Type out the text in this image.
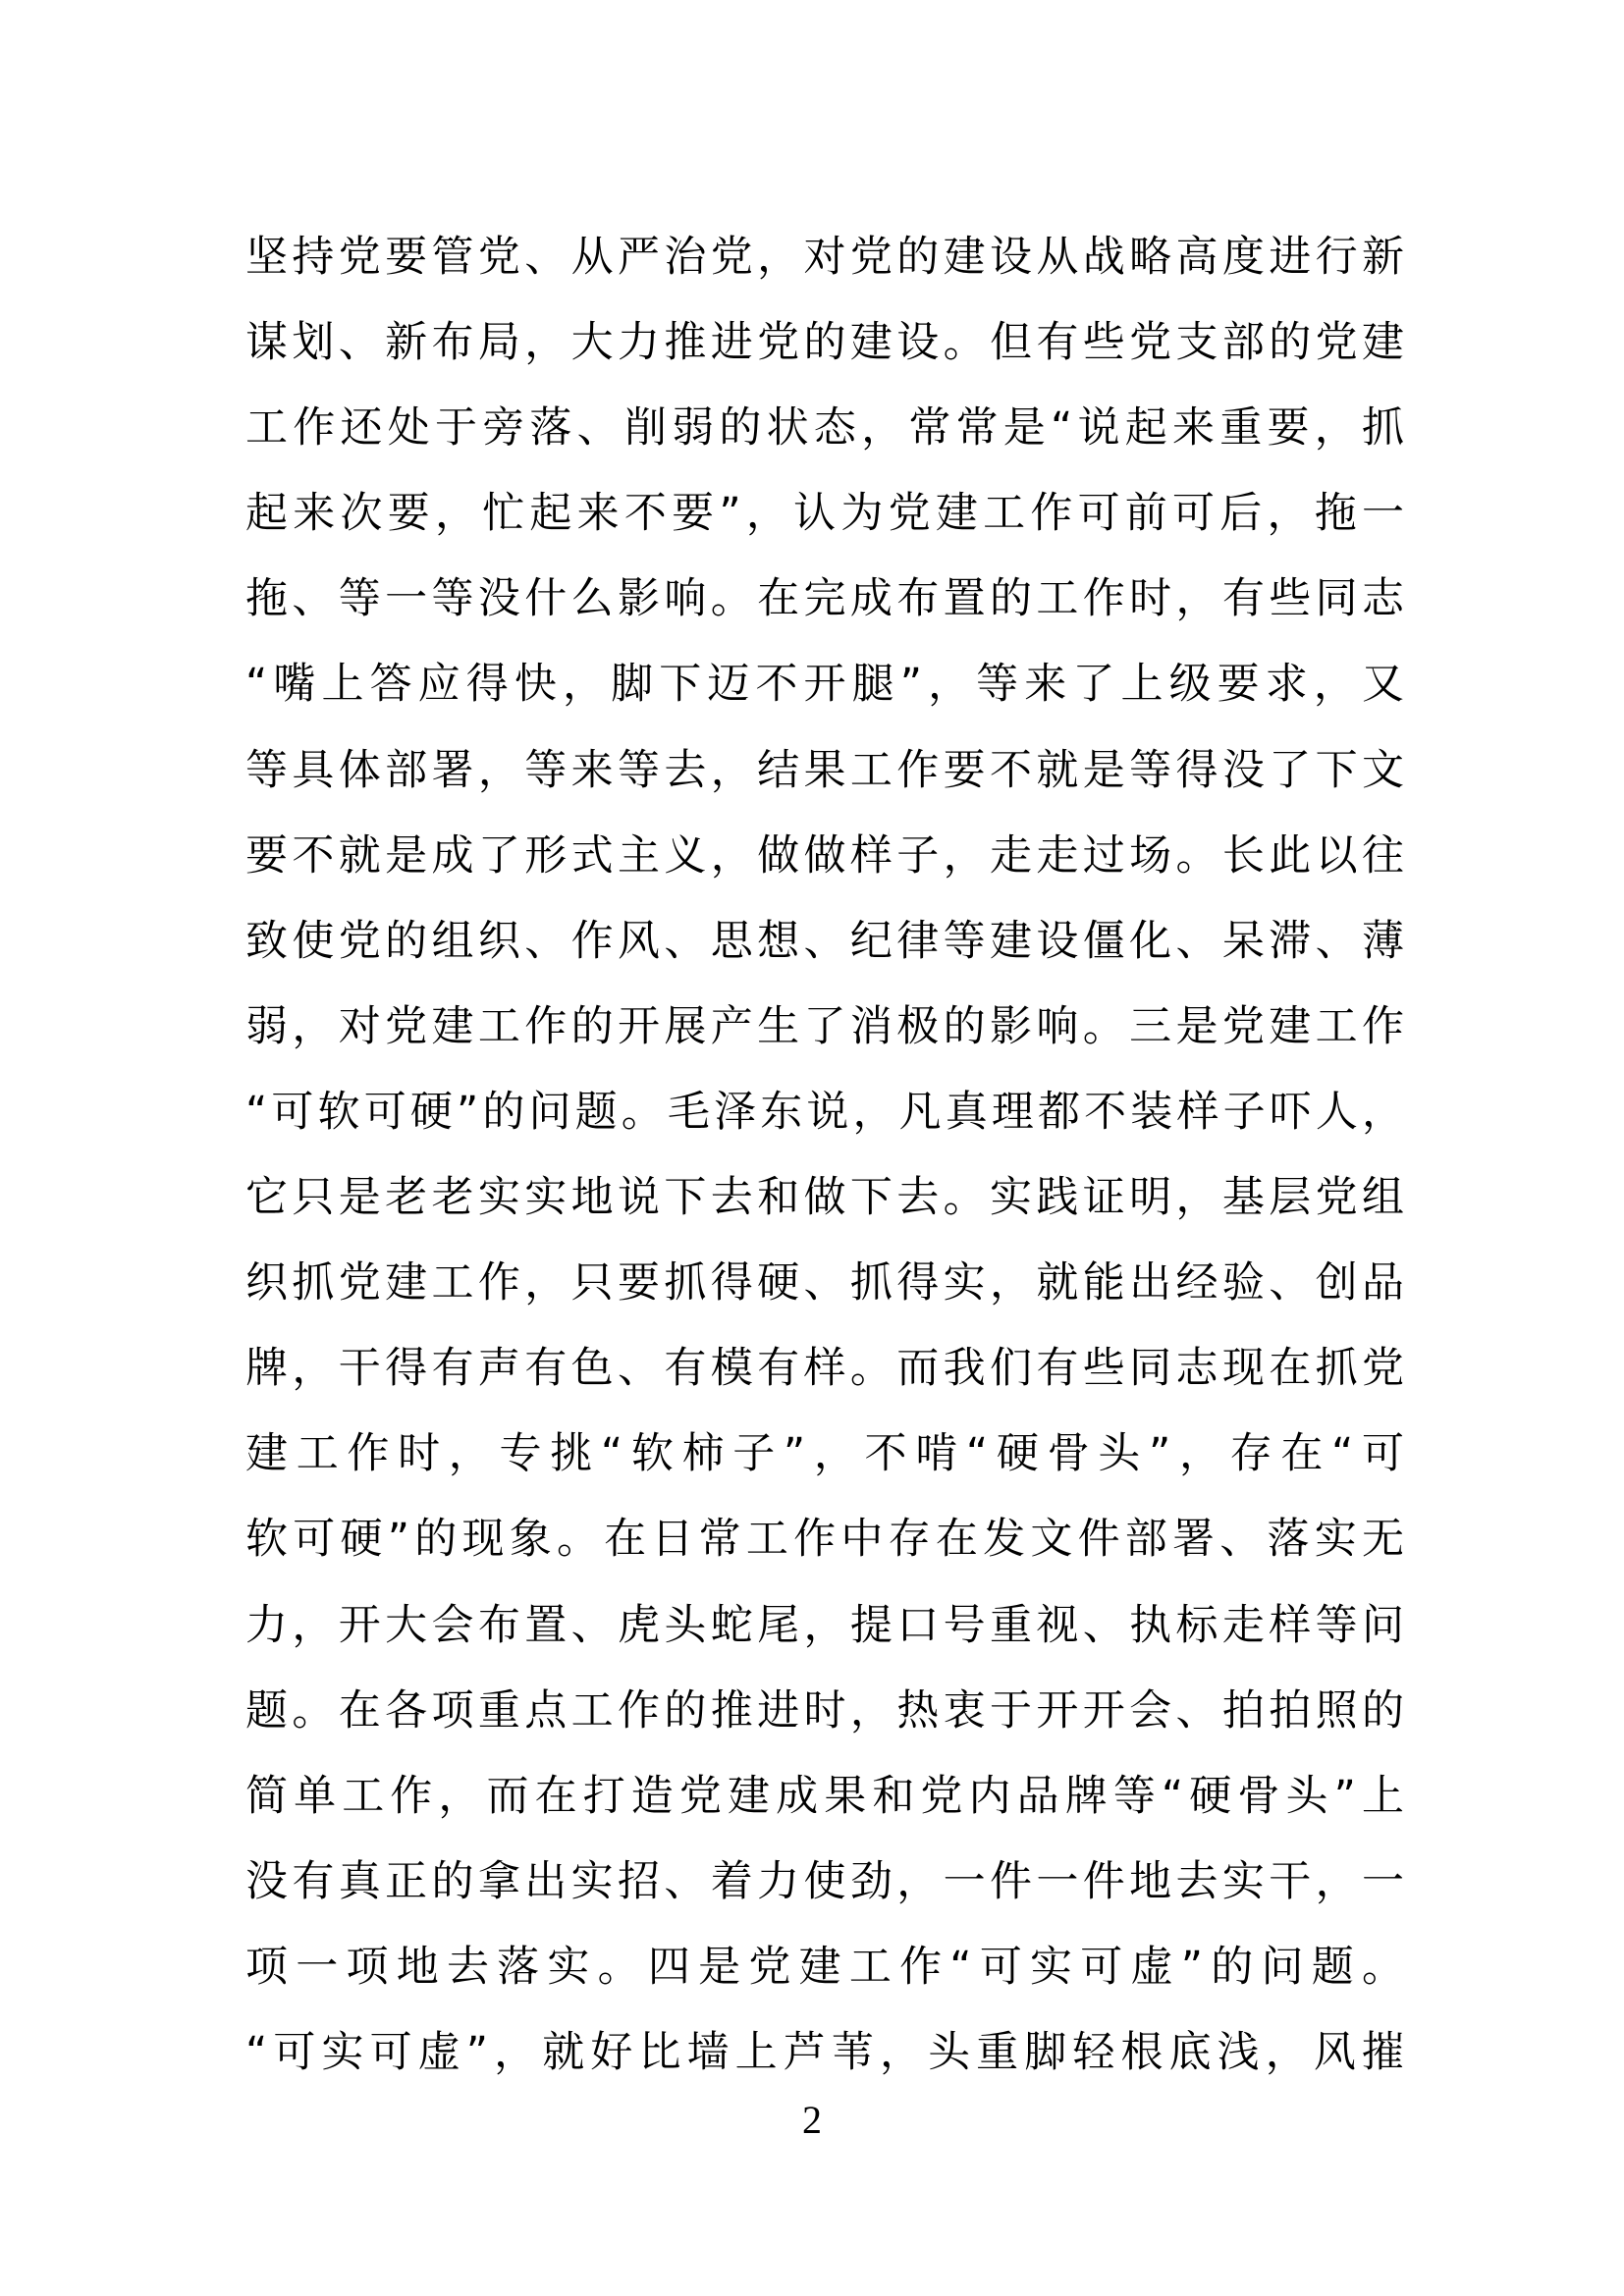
坚持党要管党、从严治党，对党的建设从战略高度进行新
谋划、新布局，大力推进党的建设。但有些党支部的党建
工作还处于旁落、削弱的状态，常常是“说起来重要，抓
起来次要，忙起来不要”，认为党建工作可前可后，拖一
拖、等一等没什么影响。在完成布置的工作时，有些同志
“嘴上答应得快，脚下迈不开腿”，等来了上级要求，又
等具体部署，等来等去，结果工作要不就是等得没了下文
要不就是成了形式主义，做做样子，走走过场。长此以往
致使党的组织、作风、思想、纪律等建设僵化、呆滞、薄
弱，对党建工作的开展产生了消极的影响。三是党建工作
“可软可硬”的问题。毛泽东说，凡真理都不装样子吓人，
它只是老老实实地说下去和做下去。实践证明，基层党组
织抓党建工作，只要抓得硬、抓得实，就能出经验、创品
牌，干得有声有色、有模有样。而我们有些同志现在抓党
建工作时，专挑“软柿子”，不啃“硬骨头”，存在“可
软可硬”的现象。在日常工作中存在发文件部署、落实无
力，开大会布置、虎头蛇尾，提口号重视、执标走样等问
题。在各项重点工作的推进时，热衷于开开会、拍拍照的
简单工作，而在打造党建成果和党内品牌等“硬骨头”上
没有真正的拿出实招、着力使劲，一件一件地去实干，一
项一项地去落实。四是党建工作“可实可虚”的问题。
“可实可虚”，就好比墙上芦苇，头重脚轻根底浅，风摧
2
